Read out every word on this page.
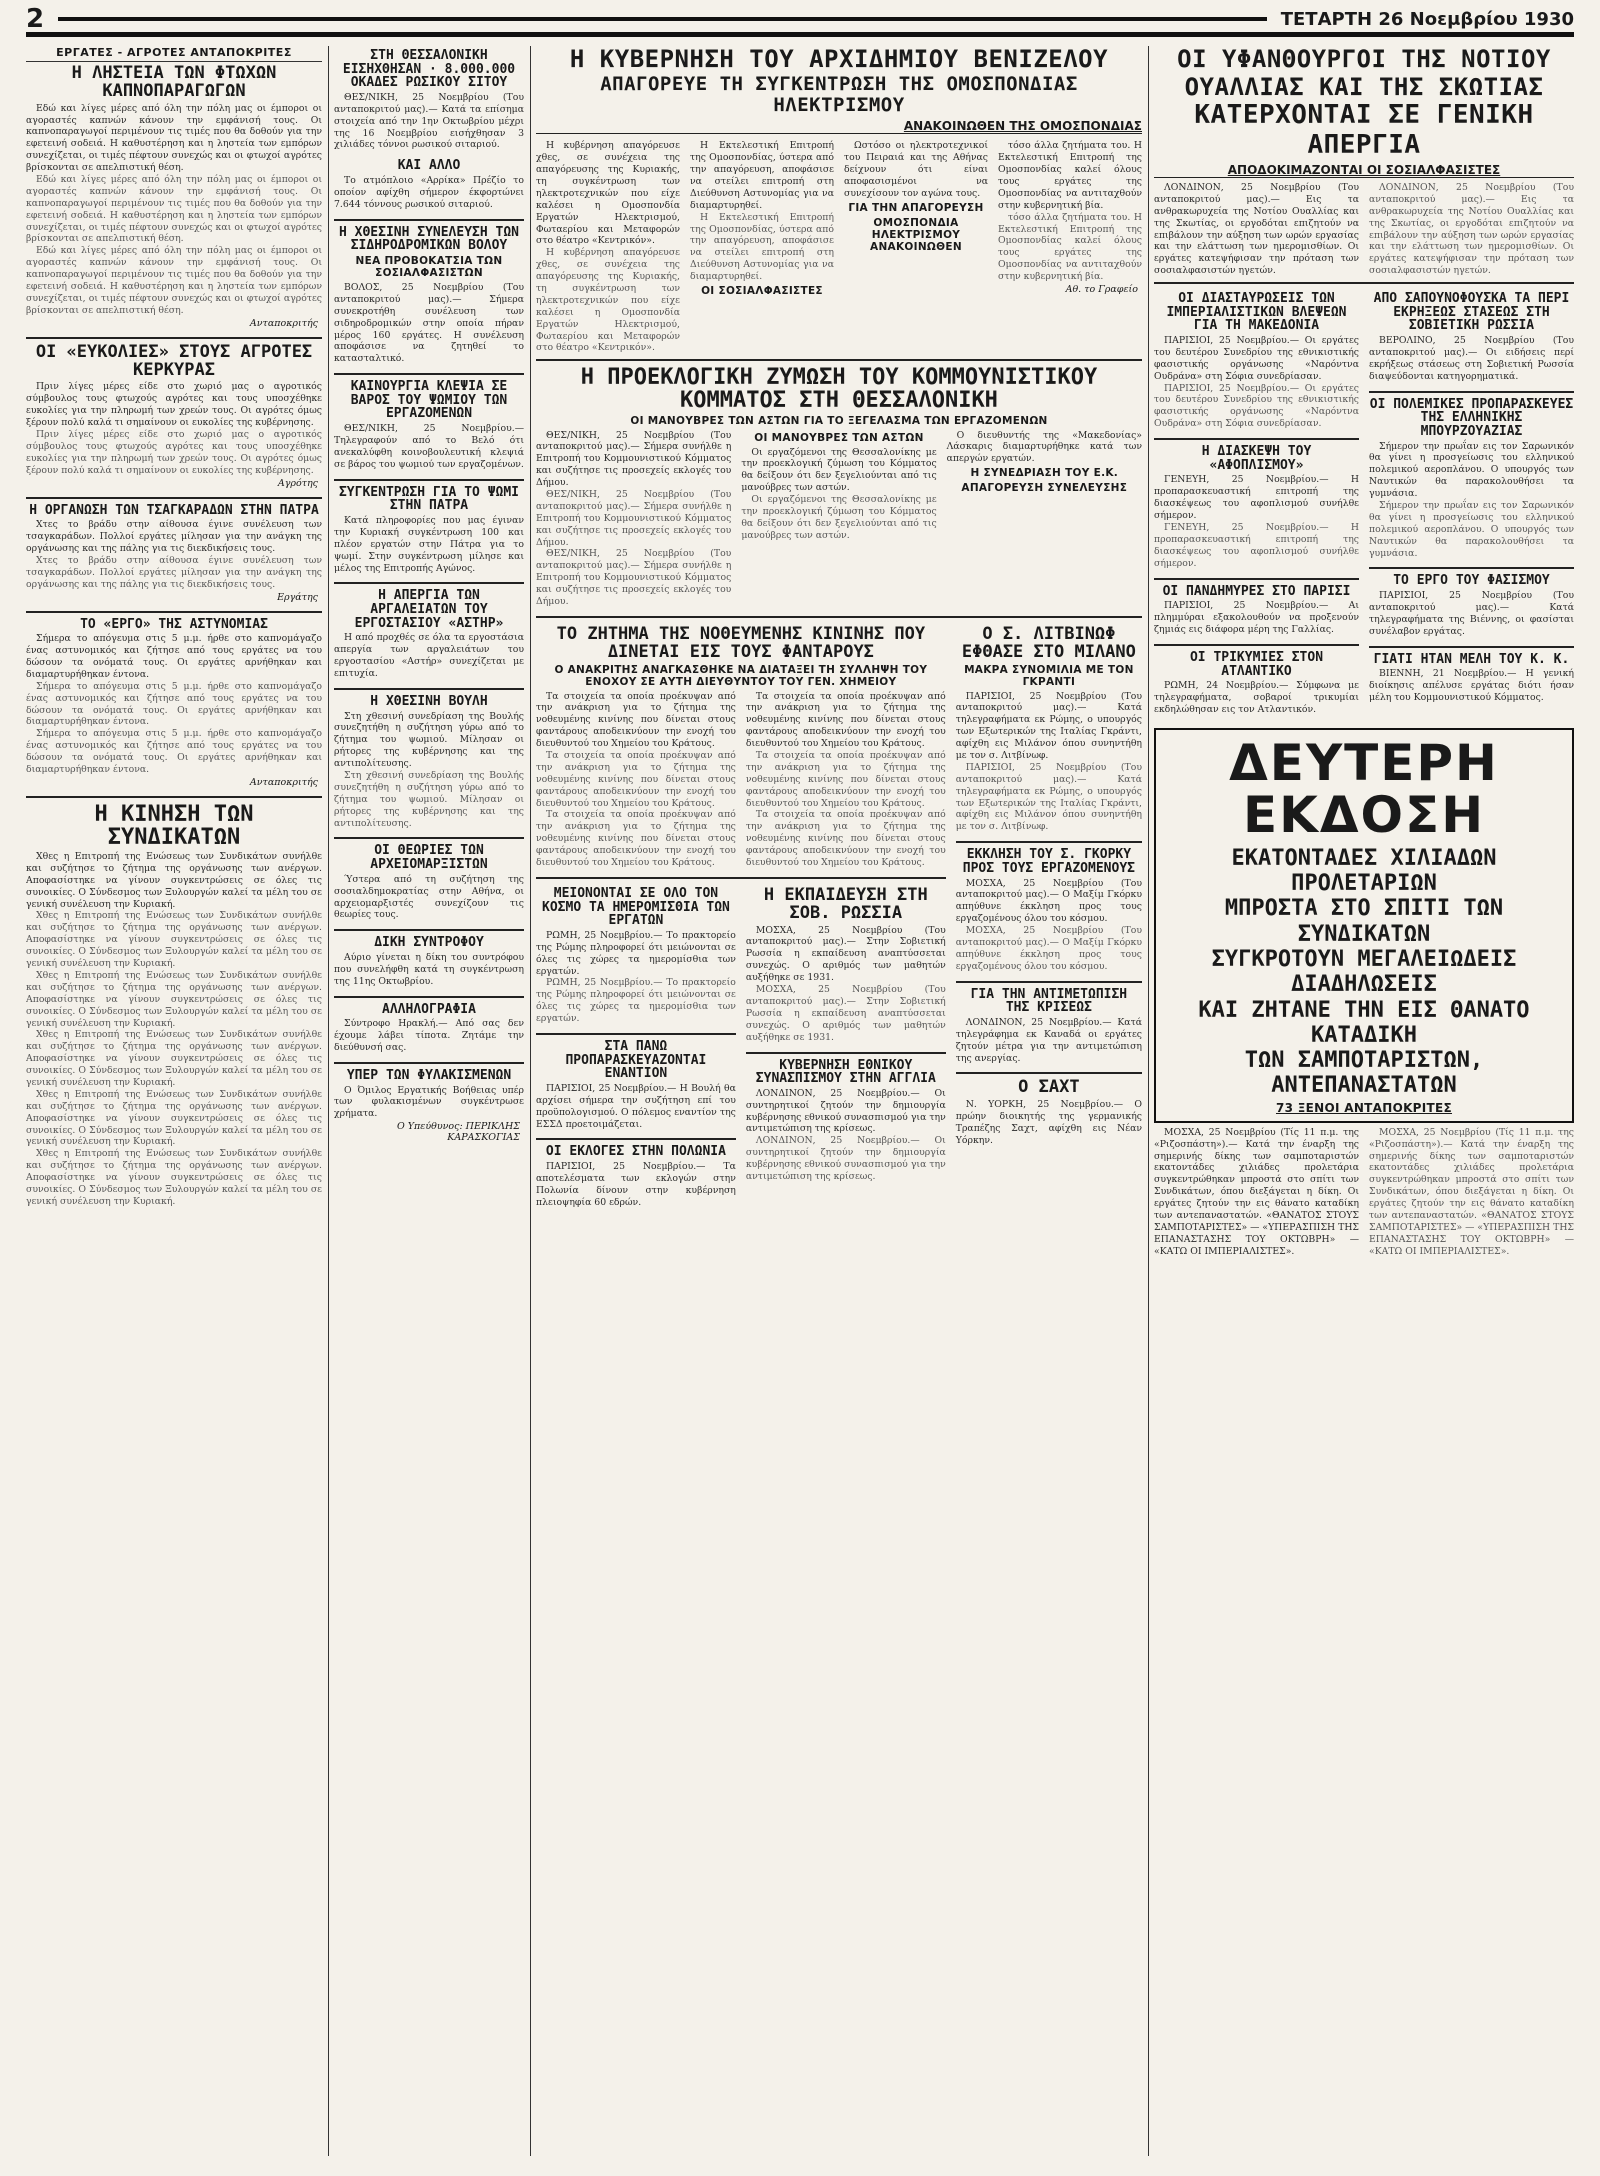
2	ΤΕΤΑΡΤΗ 26 Νοεμβρίου 1930
ΕΡΓΑΤΕΣ - ΑΓΡΟΤΕΣ ΑΝΤΑΠΟΚΡΙΤΕΣ
Η ΛΗΣΤΕΙΑ ΤΩΝ ΦΤΩΧΩΝ ΚΑΠΝΟΠΑΡΑΓΩΓΩΝ
Εδώ και λίγες μέρες από όλη την πόλη μας οι έμποροι οι αγοραστές καπνών κάνουν την εμφάνισή τους. Οι καπνοπαραγωγοί περιμένουν τις τιμές που θα δοθούν για την εφετεινή σοδειά. Η καθυστέρηση και η ληστεία των εμπόρων συνεχίζεται, οι τιμές πέφτουν συνεχώς και οι φτωχοί αγρότες βρίσκονται σε απελπιστική θέση.
Εδώ και λίγες μέρες από όλη την πόλη μας οι έμποροι οι αγοραστές καπνών κάνουν την εμφάνισή τους. Οι καπνοπαραγωγοί περιμένουν τις τιμές που θα δοθούν για την εφετεινή σοδειά. Η καθυστέρηση και η ληστεία των εμπόρων συνεχίζεται, οι τιμές πέφτουν συνεχώς και οι φτωχοί αγρότες βρίσκονται σε απελπιστική θέση.
Εδώ και λίγες μέρες από όλη την πόλη μας οι έμποροι οι αγοραστές καπνών κάνουν την εμφάνισή τους. Οι καπνοπαραγωγοί περιμένουν τις τιμές που θα δοθούν για την εφετεινή σοδειά. Η καθυστέρηση και η ληστεία των εμπόρων συνεχίζεται, οι τιμές πέφτουν συνεχώς και οι φτωχοί αγρότες βρίσκονται σε απελπιστική θέση.
Ανταποκριτής
ΟΙ «ΕΥΚΟΛΙΕΣ» ΣΤΟΥΣ ΑΓΡΟΤΕΣ ΚΕΡΚΥΡΑΣ
Πριν λίγες μέρες είδε στο χωριό μας ο αγροτικός σύμβουλος τους φτωχούς αγρότες και τους υποσχέθηκε ευκολίες για την πληρωμή των χρεών τους. Οι αγρότες όμως ξέρουν πολύ καλά τι σημαίνουν οι ευκολίες της κυβέρνησης.
Πριν λίγες μέρες είδε στο χωριό μας ο αγροτικός σύμβουλος τους φτωχούς αγρότες και τους υποσχέθηκε ευκολίες για την πληρωμή των χρεών τους. Οι αγρότες όμως ξέρουν πολύ καλά τι σημαίνουν οι ευκολίες της κυβέρνησης.
Αγρότης
Η ΟΡΓΑΝΩΣΗ ΤΩΝ ΤΣΑΓΚΑΡΑΔΩΝ ΣΤΗΝ ΠΑΤΡΑ
Χτες το βράδυ στην αίθουσα έγινε συνέλευση των τσαγκαράδων. Πολλοί εργάτες μίλησαν για την ανάγκη της οργάνωσης και της πάλης για τις διεκδικήσεις τους.
Χτες το βράδυ στην αίθουσα έγινε συνέλευση των τσαγκαράδων. Πολλοί εργάτες μίλησαν για την ανάγκη της οργάνωσης και της πάλης για τις διεκδικήσεις τους.
Εργάτης
ΤΟ «ΕΡΓΟ» ΤΗΣ ΑΣΤΥΝΟΜΙΑΣ
Σήμερα το απόγευμα στις 5 μ.μ. ήρθε στο καπνομάγαζο ένας αστυνομικός και ζήτησε από τους εργάτες να του δώσουν τα ονόματά τους. Οι εργάτες αρνήθηκαν και διαμαρτυρήθηκαν έντονα.
Σήμερα το απόγευμα στις 5 μ.μ. ήρθε στο καπνομάγαζο ένας αστυνομικός και ζήτησε από τους εργάτες να του δώσουν τα ονόματά τους. Οι εργάτες αρνήθηκαν και διαμαρτυρήθηκαν έντονα.
Σήμερα το απόγευμα στις 5 μ.μ. ήρθε στο καπνομάγαζο ένας αστυνομικός και ζήτησε από τους εργάτες να του δώσουν τα ονόματά τους. Οι εργάτες αρνήθηκαν και διαμαρτυρήθηκαν έντονα.
Ανταποκριτής
Η ΚΙΝΗΣΗ ΤΩΝ ΣΥΝΔΙΚΑΤΩΝ
Χθες η Επιτροπή της Ενώσεως των Συνδικάτων συνήλθε και συζήτησε το ζήτημα της οργάνωσης των ανέργων. Αποφασίστηκε να γίνουν συγκεντρώσεις σε όλες τις συνοικίες. Ο Σύνδεσμος των Ξυλουργών καλεί τα μέλη του σε γενική συνέλευση την Κυριακή.
Χθες η Επιτροπή της Ενώσεως των Συνδικάτων συνήλθε και συζήτησε το ζήτημα της οργάνωσης των ανέργων. Αποφασίστηκε να γίνουν συγκεντρώσεις σε όλες τις συνοικίες. Ο Σύνδεσμος των Ξυλουργών καλεί τα μέλη του σε γενική συνέλευση την Κυριακή.
Χθες η Επιτροπή της Ενώσεως των Συνδικάτων συνήλθε και συζήτησε το ζήτημα της οργάνωσης των ανέργων. Αποφασίστηκε να γίνουν συγκεντρώσεις σε όλες τις συνοικίες. Ο Σύνδεσμος των Ξυλουργών καλεί τα μέλη του σε γενική συνέλευση την Κυριακή.
Χθες η Επιτροπή της Ενώσεως των Συνδικάτων συνήλθε και συζήτησε το ζήτημα της οργάνωσης των ανέργων. Αποφασίστηκε να γίνουν συγκεντρώσεις σε όλες τις συνοικίες. Ο Σύνδεσμος των Ξυλουργών καλεί τα μέλη του σε γενική συνέλευση την Κυριακή.
Χθες η Επιτροπή της Ενώσεως των Συνδικάτων συνήλθε και συζήτησε το ζήτημα της οργάνωσης των ανέργων. Αποφασίστηκε να γίνουν συγκεντρώσεις σε όλες τις συνοικίες. Ο Σύνδεσμος των Ξυλουργών καλεί τα μέλη του σε γενική συνέλευση την Κυριακή.
Χθες η Επιτροπή της Ενώσεως των Συνδικάτων συνήλθε και συζήτησε το ζήτημα της οργάνωσης των ανέργων. Αποφασίστηκε να γίνουν συγκεντρώσεις σε όλες τις συνοικίες. Ο Σύνδεσμος των Ξυλουργών καλεί τα μέλη του σε γενική συνέλευση την Κυριακή.
ΣΤΗ ΘΕΣΣΑΛΟΝΙΚΗ ΕΙΣΗΧΘΗΣΑΝ · 8.000.000 ΟΚΑΔΕΣ ΡΩΣΙΚΟΥ ΣΙΤΟΥ
ΘΕΣ/ΝΙΚΗ, 25 Νοεμβρίου (Του ανταποκριτού μας).— Κατά τα επίσημα στοιχεία από την 1ην Οκτωβρίου μέχρι της 16 Νοεμβρίου εισήχθησαν 3 χιλιάδες τόννοι ρωσικού σιταριού.
ΚΑΙ ΑΛΛΟ
Το ατμόπλοιο «Αρρίκα» Πρέζίο το οποίον αφίχθη σήμερον έκφορτώνει 7.644 τόννους ρωσικού σιταριού.
Η ΧΘΕΣΙΝΗ ΣΥΝΕΛΕΥΣΗ ΤΩΝ ΣΙΔΗΡΟΔΡΟΜΙΚΩΝ ΒΟΛΟΥ
ΝΕΑ ΠΡΟΒΟΚΑΤΣΙΑ ΤΩΝ ΣΟΣΙΑΛΦΑΣΙΣΤΩΝ
ΒΟΛΟΣ, 25 Νοεμβρίου (Του ανταποκριτού μας).— Σήμερα συνεκροτήθη συνέλευση των σιδηροδρομικών στην οποία πήραν μέρος 160 εργάτες. Η συνέλευση αποφάσισε να ζητηθεί το κατασταλτικό.
ΚΑΙΝΟΥΡΓΙΑ ΚΛΕΨΙΑ ΣΕ ΒΑΡΟΣ ΤΟΥ ΨΩΜΙΟΥ ΤΩΝ ΕΡΓΑΖΟΜΕΝΩΝ
ΘΕΣ/ΝΙΚΗ, 25 Νοεμβρίου.— Τηλεγραφούν από το Βελό ότι ανεκαλύφθη κοινοβουλευτική κλεψιά σε βάρος του ψωμιού των εργαζομένων.
ΣΥΓΚΕΝΤΡΩΣΗ ΓΙΑ ΤΟ ΨΩΜΙ ΣΤΗΝ ΠΑΤΡΑ
Κατά πληροφορίες που μας έγιναν την Κυριακή συγκέντρωση 100 και πλέον εργατών στην Πάτρα για το ψωμί. Στην συγκέντρωση μίλησε και μέλος της Επιτροπής Αγώνος.
Η ΑΠΕΡΓΙΑ ΤΩΝ ΑΡΓΑΛΕΙΑΤΩΝ ΤΟΥ ΕΡΓΟΣΤΑΣΙΟΥ «ΑΣΤΗΡ»
Η από προχθές σε όλα τα εργοστάσια απεργία των αργαλειάτων του εργοστασίου «Αστήρ» συνεχίζεται με επιτυχία.
Η ΧΘΕΣΙΝΗ ΒΟΥΛΗ
Στη χθεσινή συνεδρίαση της Βουλής συνεζητήθη η συζήτηση γύρω από το ζήτημα του ψωμιού. Μίλησαν οι ρήτορες της κυβέρνησης και της αντιπολίτευσης.
Στη χθεσινή συνεδρίαση της Βουλής συνεζητήθη η συζήτηση γύρω από το ζήτημα του ψωμιού. Μίλησαν οι ρήτορες της κυβέρνησης και της αντιπολίτευσης.
ΟΙ ΘΕΩΡΙΕΣ ΤΩΝ ΑΡΧΕΙΟΜΑΡΞΙΣΤΩΝ
Ύστερα από τη συζήτηση της σοσιαλδημοκρατίας στην Αθήνα, οι αρχειομαρξιστές συνεχίζουν τις θεωρίες τους.
ΔΙΚΗ ΣΥΝΤΡΟΦΟΥ
Αύριο γίνεται η δίκη του συντρόφου που συνελήφθη κατά τη συγκέντρωση της 11ης Οκτωβρίου.
ΑΛΛΗΛΟΓΡΑΦΙΑ
Σύντροφο Ηρακλή.— Από σας δεν έχουμε λάβει τίποτα. Ζητάμε την διεύθυνσή σας.
ΥΠΕΡ ΤΩΝ ΦΥΛΑΚΙΣΜΕΝΩΝ
Ο Όμιλος Εργατικής Βοήθειας υπέρ των φυλακισμένων συγκέντρωσε χρήματα.
Ο Υπεύθυνος: ΠΕΡΙΚΛΗΣ ΚΑΡΑΣΚΟΓΙΑΣ
Η ΚΥΒΕΡΝΗΣΗ ΤΟΥ ΑΡΧΙΔΗΜΙΟΥ ΒΕΝΙΖΕΛΟΥ
ΑΠΑΓΟΡΕΥΕ ΤΗ ΣΥΓΚΕΝΤΡΩΣΗ ΤΗΣ ΟΜΟΣΠΟΝΔΙΑΣ ΗΛΕΚΤΡΙΣΜΟΥ
ΑΝΑΚΟΙΝΩΘΕΝ ΤΗΣ ΟΜΟΣΠΟΝΔΙΑΣ
Η κυβέρνηση απαγόρευσε χθες, σε συνέχεια της απαγόρευσης της Κυριακής, τη συγκέντρωση των ηλεκτροτεχνικών που είχε καλέσει η Ομοσπονδία Εργατών Ηλεκτρισμού, Φωταερίου και Μεταφορών στο θέατρο «Κεντρικόν».
Η κυβέρνηση απαγόρευσε χθες, σε συνέχεια της απαγόρευσης της Κυριακής, τη συγκέντρωση των ηλεκτροτεχνικών που είχε καλέσει η Ομοσπονδία Εργατών Ηλεκτρισμού, Φωταερίου και Μεταφορών στο θέατρο «Κεντρικόν».
Η Εκτελεστική Επιτροπή της Ομοσπονδίας, ύστερα από την απαγόρευση, αποφάσισε να στείλει επιτροπή στη Διεύθυνση Αστυνομίας για να διαμαρτυρηθεί.
Η Εκτελεστική Επιτροπή της Ομοσπονδίας, ύστερα από την απαγόρευση, αποφάσισε να στείλει επιτροπή στη Διεύθυνση Αστυνομίας για να διαμαρτυρηθεί.
ΟΙ ΣΟΣΙΑΛΦΑΣΙΣΤΕΣ
Ωστόσο οι ηλεκτροτεχνικοί του Πειραιά και της Αθήνας δείχνουν ότι είναι αποφασισμένοι να συνεχίσουν τον αγώνα τους.
ΓΙΑ ΤΗΝ ΑΠΑΓΟΡΕΥΣΗ
ΟΜΟΣΠΟΝΔΙΑ ΗΛΕΚΤΡΙΣΜΟΥ ΑΝΑΚΟΙΝΩΘΕΝ
τόσο άλλα ζητήματα του. Η Εκτελεστική Επιτροπή της Ομοσπονδίας καλεί όλους τους εργάτες της Ομοσπονδίας να αντιταχθούν στην κυβερνητική βία.
τόσο άλλα ζητήματα του. Η Εκτελεστική Επιτροπή της Ομοσπονδίας καλεί όλους τους εργάτες της Ομοσπονδίας να αντιταχθούν στην κυβερνητική βία.
Αθ. το Γραφείο
Η ΠΡΟΕΚΛΟΓΙΚΗ ΖΥΜΩΣΗ ΤΟΥ ΚΟΜΜΟΥΝΙΣΤΙΚΟΥ ΚΟΜΜΑΤΟΣ ΣΤΗ ΘΕΣΣΑΛΟΝΙΚΗ
ΟΙ ΜΑΝΟΥΒΡΕΣ ΤΩΝ ΑΣΤΩΝ ΓΙΑ ΤΟ ΞΕΓΕΛΑΣΜΑ ΤΩΝ ΕΡΓΑΖΟΜΕΝΩΝ
ΘΕΣ/ΝΙΚΗ, 25 Νοεμβρίου (Του ανταποκριτού μας).— Σήμερα συνήλθε η Επιτροπή του Κομμουνιστικού Κόμματος και συζήτησε τις προσεχείς εκλογές του Δήμου.
ΘΕΣ/ΝΙΚΗ, 25 Νοεμβρίου (Του ανταποκριτού μας).— Σήμερα συνήλθε η Επιτροπή του Κομμουνιστικού Κόμματος και συζήτησε τις προσεχείς εκλογές του Δήμου.
ΘΕΣ/ΝΙΚΗ, 25 Νοεμβρίου (Του ανταποκριτού μας).— Σήμερα συνήλθε η Επιτροπή του Κομμουνιστικού Κόμματος και συζήτησε τις προσεχείς εκλογές του Δήμου.
ΟΙ ΜΑΝΟΥΒΡΕΣ ΤΩΝ ΑΣΤΩΝ
Οι εργαζόμενοι της Θεσσαλονίκης με την προεκλογική ζύμωση του Κόμματος θα δείξουν ότι δεν ξεγελιούνται από τις μανούβρες των αστών.
Οι εργαζόμενοι της Θεσσαλονίκης με την προεκλογική ζύμωση του Κόμματος θα δείξουν ότι δεν ξεγελιούνται από τις μανούβρες των αστών.
Ο διευθυντής της «Μακεδονίας» Λάσκαρις διαμαρτυρήθηκε κατά των απεργών εργατών.
Η ΣΥΝΕΔΡΙΑΣΗ ΤΟΥ Ε.Κ.
ΑΠΑΓΟΡΕΥΣΗ ΣΥΝΕΛΕΥΣΗΣ
ΤΟ ΖΗΤΗΜΑ ΤΗΣ ΝΟΘΕΥΜΕΝΗΣ ΚΙΝΙΝΗΣ ΠΟΥ ΔΙΝΕΤΑΙ ΕΙΣ ΤΟΥΣ ΦΑΝΤΑΡΟΥΣ
Ο ΑΝΑΚΡΙΤΗΣ ΑΝΑΓΚΑΣΘΗΚΕ ΝΑ ΔΙΑΤΑΞΕΙ ΤΗ ΣΥΛΛΗΨΗ ΤΟΥ ΕΝΟΧΟΥ ΣΕ ΑΥΤΗ ΔΙΕΥΘΥΝΤΟΥ ΤΟΥ ΓΕΝ. ΧΗΜΕΙΟΥ
Τα στοιχεία τα οποία προέκυψαν από την ανάκριση για το ζήτημα της νοθευμένης κινίνης που δίνεται στους φαντάρους αποδεικνύουν την ενοχή του διευθυντού του Χημείου του Κράτους.
Τα στοιχεία τα οποία προέκυψαν από την ανάκριση για το ζήτημα της νοθευμένης κινίνης που δίνεται στους φαντάρους αποδεικνύουν την ενοχή του διευθυντού του Χημείου του Κράτους.
Τα στοιχεία τα οποία προέκυψαν από την ανάκριση για το ζήτημα της νοθευμένης κινίνης που δίνεται στους φαντάρους αποδεικνύουν την ενοχή του διευθυντού του Χημείου του Κράτους.
Τα στοιχεία τα οποία προέκυψαν από την ανάκριση για το ζήτημα της νοθευμένης κινίνης που δίνεται στους φαντάρους αποδεικνύουν την ενοχή του διευθυντού του Χημείου του Κράτους.
Τα στοιχεία τα οποία προέκυψαν από την ανάκριση για το ζήτημα της νοθευμένης κινίνης που δίνεται στους φαντάρους αποδεικνύουν την ενοχή του διευθυντού του Χημείου του Κράτους.
Τα στοιχεία τα οποία προέκυψαν από την ανάκριση για το ζήτημα της νοθευμένης κινίνης που δίνεται στους φαντάρους αποδεικνύουν την ενοχή του διευθυντού του Χημείου του Κράτους.
ΜΕΙΟΝΟΝΤΑΙ ΣΕ ΟΛΟ ΤΟΝ ΚΟΣΜΟ ΤΑ ΗΜΕΡΟΜΙΣΘΙΑ ΤΩΝ ΕΡΓΑΤΩΝ
ΡΩΜΗ, 25 Νοεμβρίου.— Το πρακτορείο της Ρώμης πληροφορεί ότι μειώνονται σε όλες τις χώρες τα ημερομίσθια των εργατών.
ΡΩΜΗ, 25 Νοεμβρίου.— Το πρακτορείο της Ρώμης πληροφορεί ότι μειώνονται σε όλες τις χώρες τα ημερομίσθια των εργατών.
ΣΤΑ ΠΑΝΩ ΠΡΟΠΑΡΑΣΚΕΥΑΖΟΝΤΑΙ ΕΝΑΝΤΙΟΝ
ΠΑΡΙΣΙΟΙ, 25 Νοεμβρίου.— Η Βουλή θα αρχίσει σήμερα την συζήτηση επί του προϋπολογισμού. Ο πόλεμος εναντίον της ΕΣΣΔ προετοιμάζεται.
ΟΙ ΕΚΛΟΓΕΣ ΣΤΗΝ ΠΟΛΩΝΙΑ
ΠΑΡΙΣΙΟΙ, 25 Νοεμβρίου.— Τα αποτελέσματα των εκλογών στην Πολωνία δίνουν στην κυβέρνηση πλειοψηφία 60 εδρών.
Η ΕΚΠΑΙΔΕΥΣΗ ΣΤΗ ΣΟΒ. ΡΩΣΣΙΑ
ΜΟΣΧΑ, 25 Νοεμβρίου (Του ανταποκριτού μας).— Στην Σοβιετική Ρωσσία η εκπαίδευση αναπτύσσεται συνεχώς. Ο αριθμός των μαθητών αυξήθηκε σε 1931.
ΜΟΣΧΑ, 25 Νοεμβρίου (Του ανταποκριτού μας).— Στην Σοβιετική Ρωσσία η εκπαίδευση αναπτύσσεται συνεχώς. Ο αριθμός των μαθητών αυξήθηκε σε 1931.
ΚΥΒΕΡΝΗΣΗ ΕΘΝΙΚΟΥ ΣΥΝΑΣΠΙΣΜΟΥ ΣΤΗΝ ΑΓΓΛΙΑ
ΛΟΝΔΙΝΟΝ, 25 Νοεμβρίου.— Οι συντηρητικοί ζητούν την δημιουργία κυβέρνησης εθνικού συνασπισμού για την αντιμετώπιση της κρίσεως.
ΛΟΝΔΙΝΟΝ, 25 Νοεμβρίου.— Οι συντηρητικοί ζητούν την δημιουργία κυβέρνησης εθνικού συνασπισμού για την αντιμετώπιση της κρίσεως.
Ο Σ. ΛΙΤΒΙΝΩΦ ΕΦΘΑΣΕ ΣΤΟ ΜΙΛΑΝΟ
ΜΑΚΡΑ ΣΥΝΟΜΙΛΙΑ ΜΕ ΤΟΝ ΓΚΡΑΝΤΙ
ΠΑΡΙΣΙΟΙ, 25 Νοεμβρίου (Του ανταποκριτού μας).— Κατά τηλεγραφήματα εκ Ρώμης, ο υπουργός των Εξωτερικών της Ιταλίας Γκράντι, αφίχθη εις Μιλάνον όπου συνηντήθη με τον σ. Λιτβίνωφ.
ΠΑΡΙΣΙΟΙ, 25 Νοεμβρίου (Του ανταποκριτού μας).— Κατά τηλεγραφήματα εκ Ρώμης, ο υπουργός των Εξωτερικών της Ιταλίας Γκράντι, αφίχθη εις Μιλάνον όπου συνηντήθη με τον σ. Λιτβίνωφ.
ΕΚΚΛΗΣΗ ΤΟΥ Σ. ΓΚΟΡΚΥ ΠΡΟΣ ΤΟΥΣ ΕΡΓΑΖΟΜΕΝΟΥΣ
ΜΟΣΧΑ, 25 Νοεμβρίου (Του ανταποκριτού μας).— Ο Μαξίμ Γκόρκυ απηύθυνε έκκληση προς τους εργαζομένους όλου του κόσμου.
ΜΟΣΧΑ, 25 Νοεμβρίου (Του ανταποκριτού μας).— Ο Μαξίμ Γκόρκυ απηύθυνε έκκληση προς τους εργαζομένους όλου του κόσμου.
ΓΙΑ ΤΗΝ ΑΝΤΙΜΕΤΩΠΙΣΗ ΤΗΣ ΚΡΙΣΕΩΣ
ΛΟΝΔΙΝΟΝ, 25 Νοεμβρίου.— Κατά τηλεγράφημα εκ Καναδά οι εργάτες ζητούν μέτρα για την αντιμετώπιση της ανεργίας.
Ο ΣΑΧΤ
Ν. ΥΟΡΚΗ, 25 Νοεμβρίου.— Ο πρώην διοικητής της γερμανικής Τραπέζης Σαχτ, αφίχθη εις Νέαν Υόρκην.
ΟΙ ΥΦΑΝΘΟΥΡΓΟΙ ΤΗΣ ΝΟΤΙΟΥ ΟΥΑΛΛΙΑΣ ΚΑΙ ΤΗΣ ΣΚΩΤΙΑΣ
ΚΑΤΕΡΧΟΝΤΑΙ ΣΕ ΓΕΝΙΚΗ ΑΠΕΡΓΙΑ
ΑΠΟΔΟΚΙΜΑΖΟΝΤΑΙ ΟΙ ΣΟΣΙΑΛΦΑΣΙΣΤΕΣ
ΛΟΝΔΙΝΟΝ, 25 Νοεμβρίου (Του ανταποκριτού μας).— Εις τα ανθρακωρυχεία της Νοτίου Ουαλλίας και της Σκωτίας, οι εργοδόται επιζητούν να επιβάλουν την αύξηση των ωρών εργασίας και την ελάττωση των ημερομισθίων. Οι εργάτες κατεψήφισαν την πρόταση των σοσιαλφασιστών ηγετών.
ΛΟΝΔΙΝΟΝ, 25 Νοεμβρίου (Του ανταποκριτού μας).— Εις τα ανθρακωρυχεία της Νοτίου Ουαλλίας και της Σκωτίας, οι εργοδόται επιζητούν να επιβάλουν την αύξηση των ωρών εργασίας και την ελάττωση των ημερομισθίων. Οι εργάτες κατεψήφισαν την πρόταση των σοσιαλφασιστών ηγετών.
ΟΙ ΔΙΑΣΤΑΥΡΩΣΕΙΣ ΤΩΝ ΙΜΠΕΡΙΑΛΙΣΤΙΚΩΝ ΒΛΕΨΕΩΝ ΓΙΑ ΤΗ ΜΑΚΕΔΟΝΙΑ
ΠΑΡΙΣΙΟΙ, 25 Νοεμβρίου.— Οι εργάτες του δευτέρου Συνεδρίου της εθνικιστικής φασιστικής οργάνωσης «Ναρόντνα Ουδράνα» στη Σόφια συνεδρίασαν.
ΠΑΡΙΣΙΟΙ, 25 Νοεμβρίου.— Οι εργάτες του δευτέρου Συνεδρίου της εθνικιστικής φασιστικής οργάνωσης «Ναρόντνα Ουδράνα» στη Σόφια συνεδρίασαν.
Η ΔΙΑΣΚΕΨΗ ΤΟΥ «ΑΦΟΠΛΙΣΜΟΥ»
ΓΕΝΕΥΗ, 25 Νοεμβρίου.— Η προπαρασκευαστική επιτροπή της διασκέψεως του αφοπλισμού συνήλθε σήμερον.
ΓΕΝΕΥΗ, 25 Νοεμβρίου.— Η προπαρασκευαστική επιτροπή της διασκέψεως του αφοπλισμού συνήλθε σήμερον.
ΟΙ ΠΑΝΔΗΜΥΡΕΣ ΣΤΟ ΠΑΡΙΣΙ
ΠΑΡΙΣΙΟΙ, 25 Νοεμβρίου.— Αι πλημμύραι εξακολουθούν να προξενούν ζημιάς εις διάφορα μέρη της Γαλλίας.
ΟΙ ΤΡΙΚΥΜΙΕΣ ΣΤΟΝ ΑΤΛΑΝΤΙΚΟ
ΡΩΜΗ, 24 Νοεμβρίου.— Σύμφωνα με τηλεγραφήματα, σοβαροί τρικυμίαι εκδηλώθησαν εις τον Ατλαντικόν.
ΑΠΟ ΣΑΠΟΥΝΟΦΟΥΣΚΑ ΤΑ ΠΕΡΙ ΕΚΡΗΞΕΩΣ ΣΤΑΣΕΩΣ ΣΤΗ ΣΟΒΙΕΤΙΚΗ ΡΩΣΣΙΑ
ΒΕΡΟΛΙΝΟ, 25 Νοεμβρίου (Του ανταποκριτού μας).— Οι ειδήσεις περί εκρήξεως στάσεως στη Σοβιετική Ρωσσία διαψεύδονται κατηγορηματικά.
ΟΙ ΠΟΛΕΜΙΚΕΣ ΠΡΟΠΑΡΑΣΚΕΥΕΣ ΤΗΣ ΕΛΛΗΝΙΚΗΣ ΜΠΟΥΡΖΟΥΑΖΙΑΣ
Σήμερον την πρωΐαν εις τον Σαρωνικόν θα γίνει η προσγείωσις του ελληνικού πολεμικού αεροπλάνου. Ο υπουργός των Ναυτικών θα παρακολουθήσει τα γυμνάσια.
Σήμερον την πρωΐαν εις τον Σαρωνικόν θα γίνει η προσγείωσις του ελληνικού πολεμικού αεροπλάνου. Ο υπουργός των Ναυτικών θα παρακολουθήσει τα γυμνάσια.
ΤΟ ΕΡΓΟ ΤΟΥ ΦΑΣΙΣΜΟΥ
ΠΑΡΙΣΙΟΙ, 25 Νοεμβρίου (Του ανταποκριτού μας).— Κατά τηλεγραφήματα της Βιέννης, οι φασίσται συνέλαβον εργάτας.
ΓΙΑΤΙ ΗΤΑΝ ΜΕΛΗ ΤΟΥ Κ. Κ.
ΒΙΕΝΝΗ, 21 Νοεμβρίου.— Η γενική διοίκησις απέλυσε εργάτας διότι ήσαν μέλη του Κομμουνιστικού Κόμματος.
ΔΕΥΤΕΡΗ ΕΚΔΟΣΗ
ΕΚΑΤΟΝΤΑΔΕΣ ΧΙΛΙΑΔΩΝ ΠΡΟΛΕΤΑΡΙΩΝ
ΜΠΡΟΣΤΑ ΣΤΟ ΣΠΙΤΙ ΤΩΝ ΣΥΝΔΙΚΑΤΩΝ
ΣΥΓΚΡΟΤΟΥΝ ΜΕΓΑΛΕΙΩΔΕΙΣ ΔΙΑΔΗΛΩΣΕΙΣ
ΚΑΙ ΖΗΤΑΝΕ ΤΗΝ ΕΙΣ ΘΑΝΑΤΟ ΚΑΤΑΔΙΚΗ
ΤΩΝ ΣΑΜΠΟΤΑΡΙΣΤΩΝ, ΑΝΤΕΠΑΝΑΣΤΑΤΩΝ
73 ΞΕΝΟΙ ΑΝΤΑΠΟΚΡΙΤΕΣ
ΜΟΣΧΑ, 25 Νοεμβρίου (Τίς 11 π.μ. της «Ριζοσπάστη»).— Κατά την έναρξη της σημερινής δίκης των σαμποταριστών εκατοντάδες χιλιάδες προλετάρια συγκεντρώθηκαν μπροστά στο σπίτι των Συνδικάτων, όπου διεξάγεται η δίκη. Οι εργάτες ζητούν την εις θάνατο καταδίκη των αντεπαναστατών. «ΘΑΝΑΤΟΣ ΣΤΟΥΣ ΣΑΜΠΟΤΑΡΙΣΤΕΣ» — «ΥΠΕΡΑΣΠΙΣΗ ΤΗΣ ΕΠΑΝΑΣΤΑΣΗΣ ΤΟΥ ΟΚΤΩΒΡΗ» — «ΚΑΤΩ ΟΙ ΙΜΠΕΡΙΑΛΙΣΤΕΣ».
ΜΟΣΧΑ, 25 Νοεμβρίου (Τίς 11 π.μ. της «Ριζοσπάστη»).— Κατά την έναρξη της σημερινής δίκης των σαμποταριστών εκατοντάδες χιλιάδες προλετάρια συγκεντρώθηκαν μπροστά στο σπίτι των Συνδικάτων, όπου διεξάγεται η δίκη. Οι εργάτες ζητούν την εις θάνατο καταδίκη των αντεπαναστατών. «ΘΑΝΑΤΟΣ ΣΤΟΥΣ ΣΑΜΠΟΤΑΡΙΣΤΕΣ» — «ΥΠΕΡΑΣΠΙΣΗ ΤΗΣ ΕΠΑΝΑΣΤΑΣΗΣ ΤΟΥ ΟΚΤΩΒΡΗ» — «ΚΑΤΩ ΟΙ ΙΜΠΕΡΙΑΛΙΣΤΕΣ».
